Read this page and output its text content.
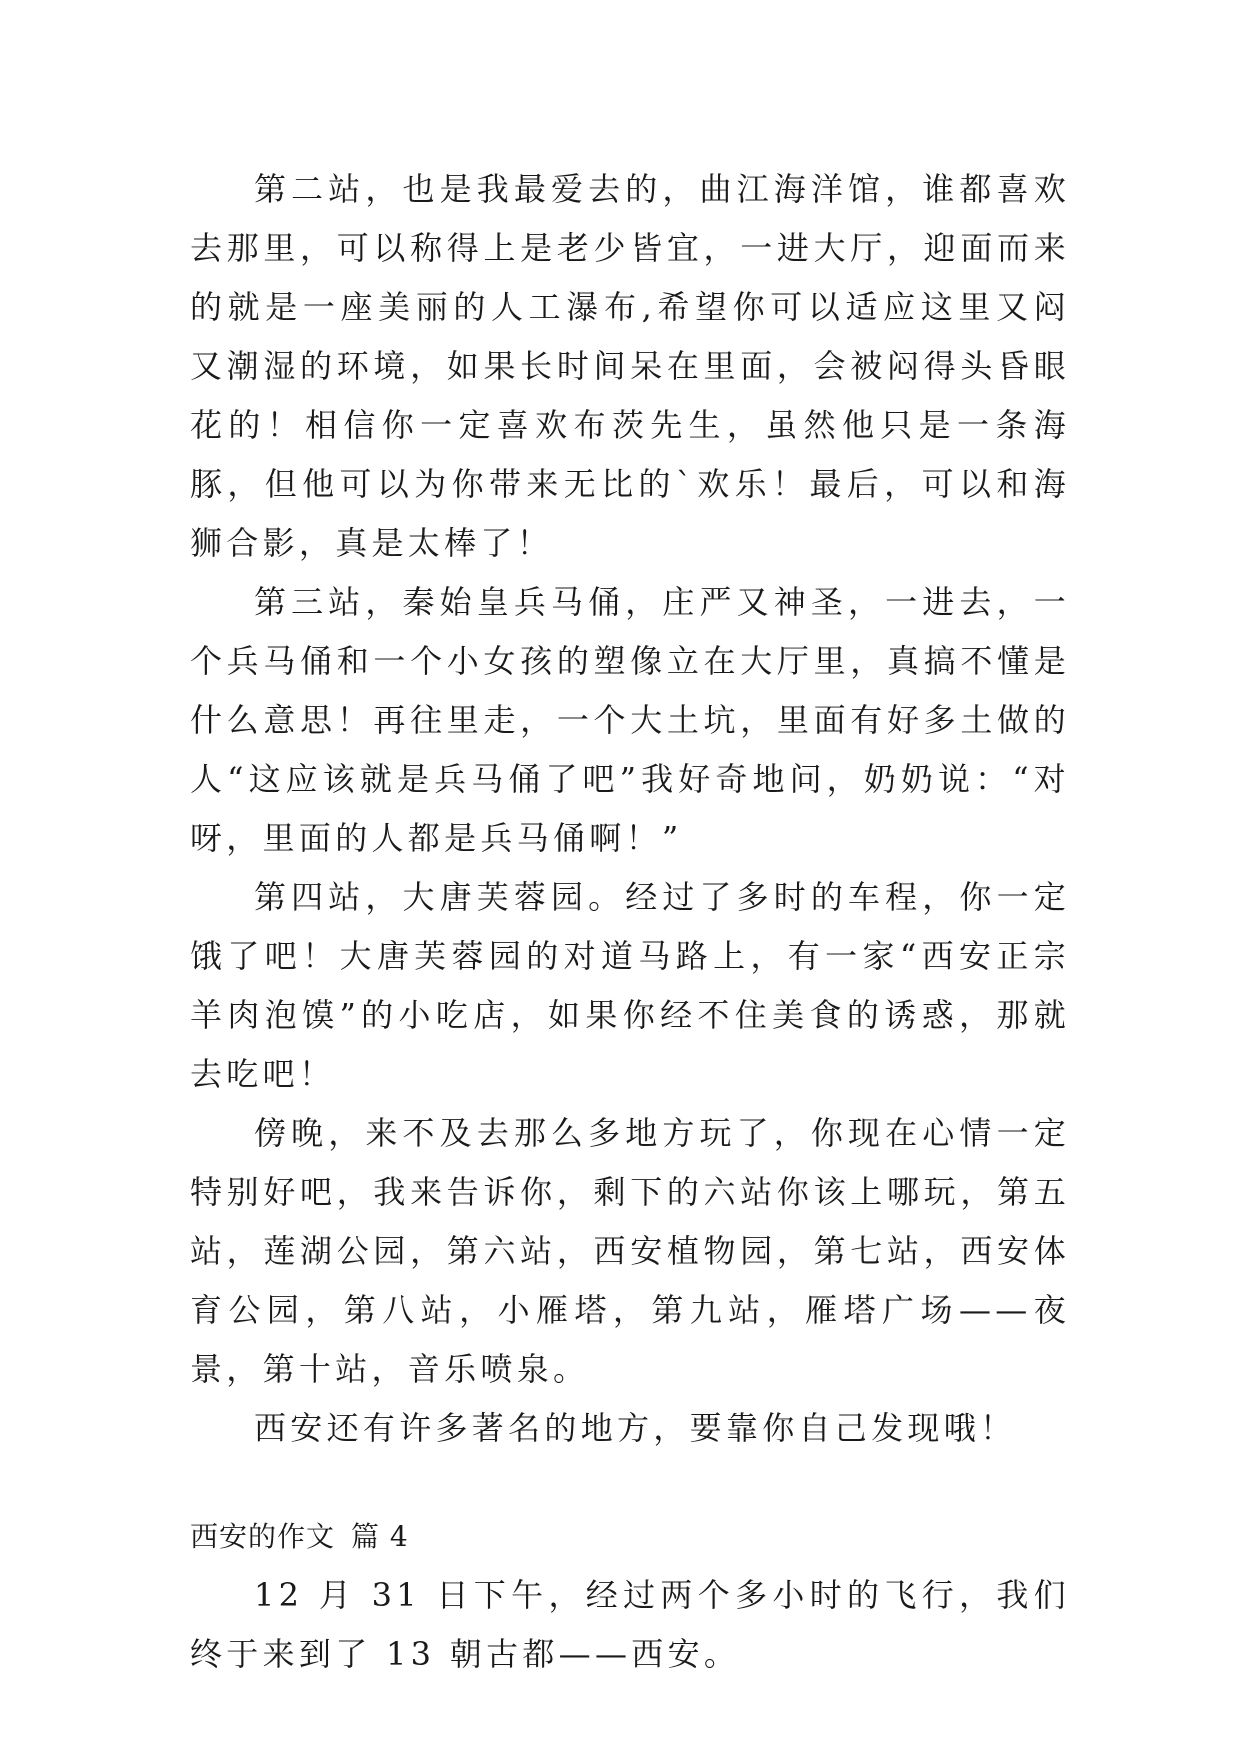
第二站，也是我最爱去的，曲江海洋馆，谁都喜欢去那里，可以称得上是老少皆宜，一进大厅，迎面而来的就是一座美丽的人工瀑布,希望你可以适应这里又闷又潮湿的环境，如果长时间呆在里面，会被闷得头昏眼花的！相信你一定喜欢布茨先生，虽然他只是一条海豚，但他可以为你带来无比的`欢乐！最后，可以和海狮合影，真是太棒了！

第三站，秦始皇兵马俑，庄严又神圣，一进去，一个兵马俑和一个小女孩的塑像立在大厅里，真搞不懂是什么意思！再往里走，一个大土坑，里面有好多土做的人“这应该就是兵马俑了吧”我好奇地问，奶奶说：“对呀，里面的人都是兵马俑啊！”

第四站，大唐芙蓉园。经过了多时的车程，你一定饿了吧！大唐芙蓉园的对道马路上，有一家“西安正宗羊肉泡馍”的小吃店，如果你经不住美食的诱惑，那就去吃吧！

傍晚，来不及去那么多地方玩了，你现在心情一定特别好吧，我来告诉你，剩下的六站你该上哪玩，第五站，莲湖公园，第六站，西安植物园，第七站，西安体育公园，第八站，小雁塔，第九站，雁塔广场——夜景，第十站，音乐喷泉。

西安还有许多著名的地方，要靠你自己发现哦！

西安的作文 篇 4

12 月 31 日下午，经过两个多小时的飞行，我们终于来到了 13 朝古都——西安。
